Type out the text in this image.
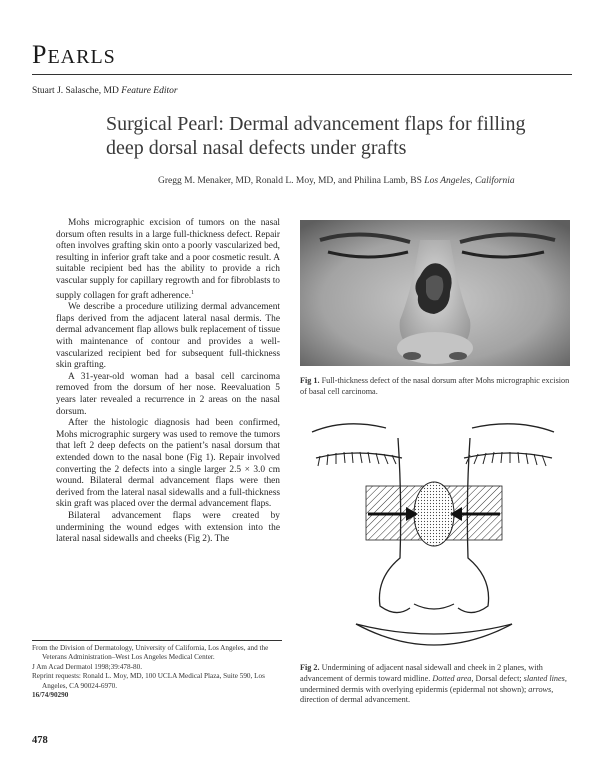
PEARLS
Stuart J. Salasche, MD Feature Editor
Surgical Pearl: Dermal advancement flaps for filling deep dorsal nasal defects under grafts
Gregg M. Menaker, MD, Ronald L. Moy, MD, and Philina Lamb, BS Los Angeles, California

Mohs micrographic excision of tumors on the nasal dorsum often results in a large full-thickness defect. Repair often involves grafting skin onto a poorly vascularized bed, resulting in inferior graft take and a poor cosmetic result. A suitable recipient bed has the ability to provide a rich vascular supply for capillary regrowth and for fibroblasts to supply collagen for graft adherence.$^1$

We describe a procedure utilizing dermal advancement flaps derived from the adjacent lateral nasal dermis. The dermal advancement flap allows bulk replacement of tissue with maintenance of contour and provides a well-vascularized recipient bed for subsequent full-thickness skin grafting.

A 31-year-old woman had a basal cell carcinoma removed from the dorsum of her nose. Reevaluation 5 years later revealed a recurrence in 2 areas on the nasal dorsum.

After the histologic diagnosis had been confirmed, Mohs micrographic surgery was used to remove the tumors that left 2 deep defects on the patient’s nasal dorsum that extended down to the nasal bone (Fig 1). Repair involved converting the 2 defects into a single larger 2.5 × 3.0 cm wound. Bilateral dermal advancement flaps were then derived from the lateral nasal sidewalls and a full-thickness skin graft was placed over the dermal advancement flaps.

Bilateral advancement flaps were created by undermining the wound edges with extension into the lateral nasal sidewalls and cheeks (Fig 2). The

From the Division of Dermatology, University of California, Los Angeles, and the Veterans Administration–West Los Angeles Medical Center.

J Am Acad Dermatol 1998;39:478-80.

Reprint requests: Ronald L. Moy, MD, 100 UCLA Medical Plaza, Suite 590, Los Angeles, CA 90024-6970.

16/74/90290

478
Fig 1. Full-thickness defect of the nasal dorsum after Mohs micrographic excision of basal cell carcinoma.
Fig 2. Undermining of adjacent nasal sidewall and cheek in 2 planes, with advancement of dermis toward midline. Dotted area, Dorsal defect; slanted lines, undermined dermis with overlying epidermis (epidermal not shown); arrows, direction of dermal advancement.
